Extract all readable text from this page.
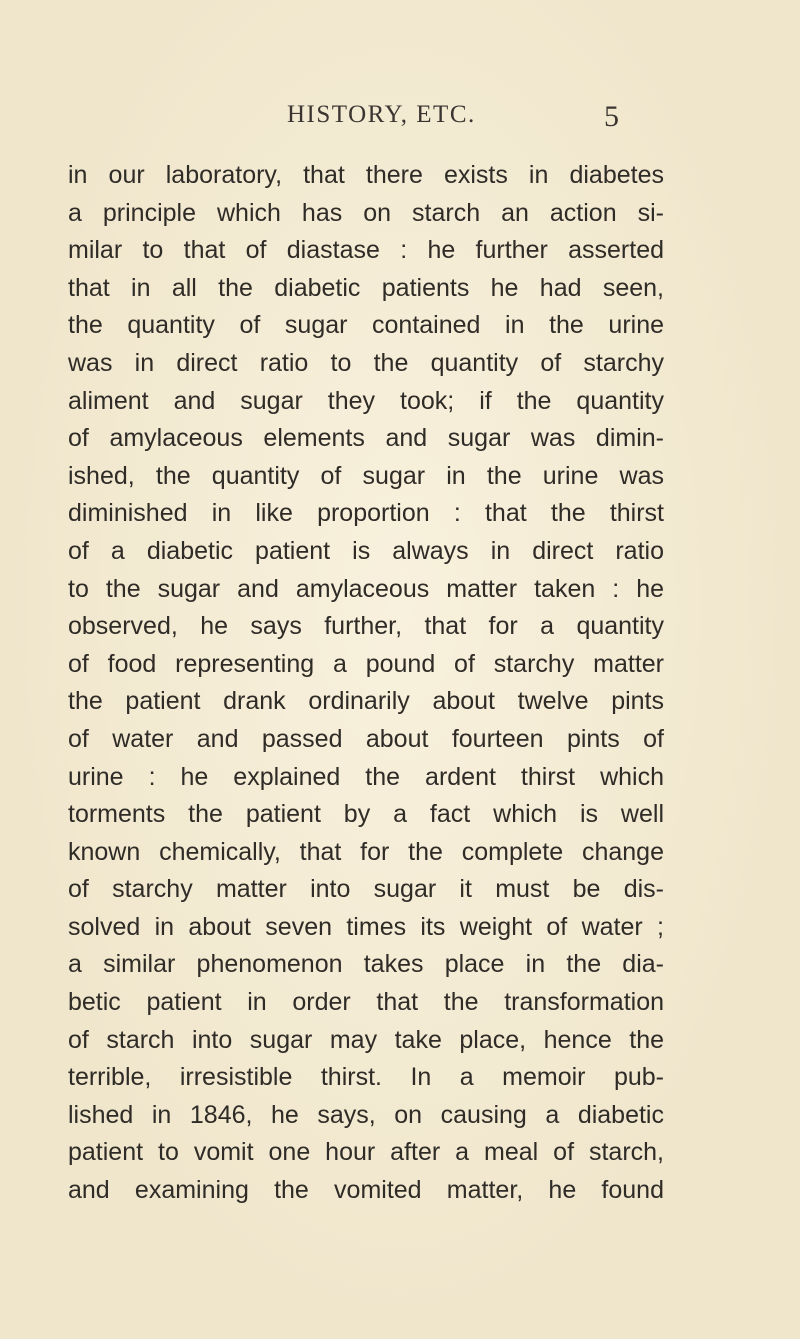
HISTORY, ETC.	5
in our laboratory, that there exists in diabetes
a principle which has on starch an action si-
milar to that of diastase : he further asserted
that in all the diabetic patients he had seen,
the quantity of sugar contained in the urine
was in direct ratio to the quantity of starchy
aliment and sugar they took; if the quantity
of amylaceous elements and sugar was dimin-
ished, the quantity of sugar in the urine was
diminished in like proportion : that the thirst
of a diabetic patient is always in direct ratio
to the sugar and amylaceous matter taken : he
observed, he says further, that for a quantity
of food representing a pound of starchy matter
the patient drank ordinarily about twelve pints
of water and passed about fourteen pints of
urine : he explained the ardent thirst which
torments the patient by a fact which is well
known chemically, that for the complete change
of starchy matter into sugar it must be dis-
solved in about seven times its weight of water ;
a similar phenomenon takes place in the dia-
betic patient in order that the transformation
of starch into sugar may take place, hence the
terrible, irresistible thirst. In a memoir pub-
lished in 1846, he says, on causing a diabetic
patient to vomit one hour after a meal of starch,
and examining the vomited matter, he found
